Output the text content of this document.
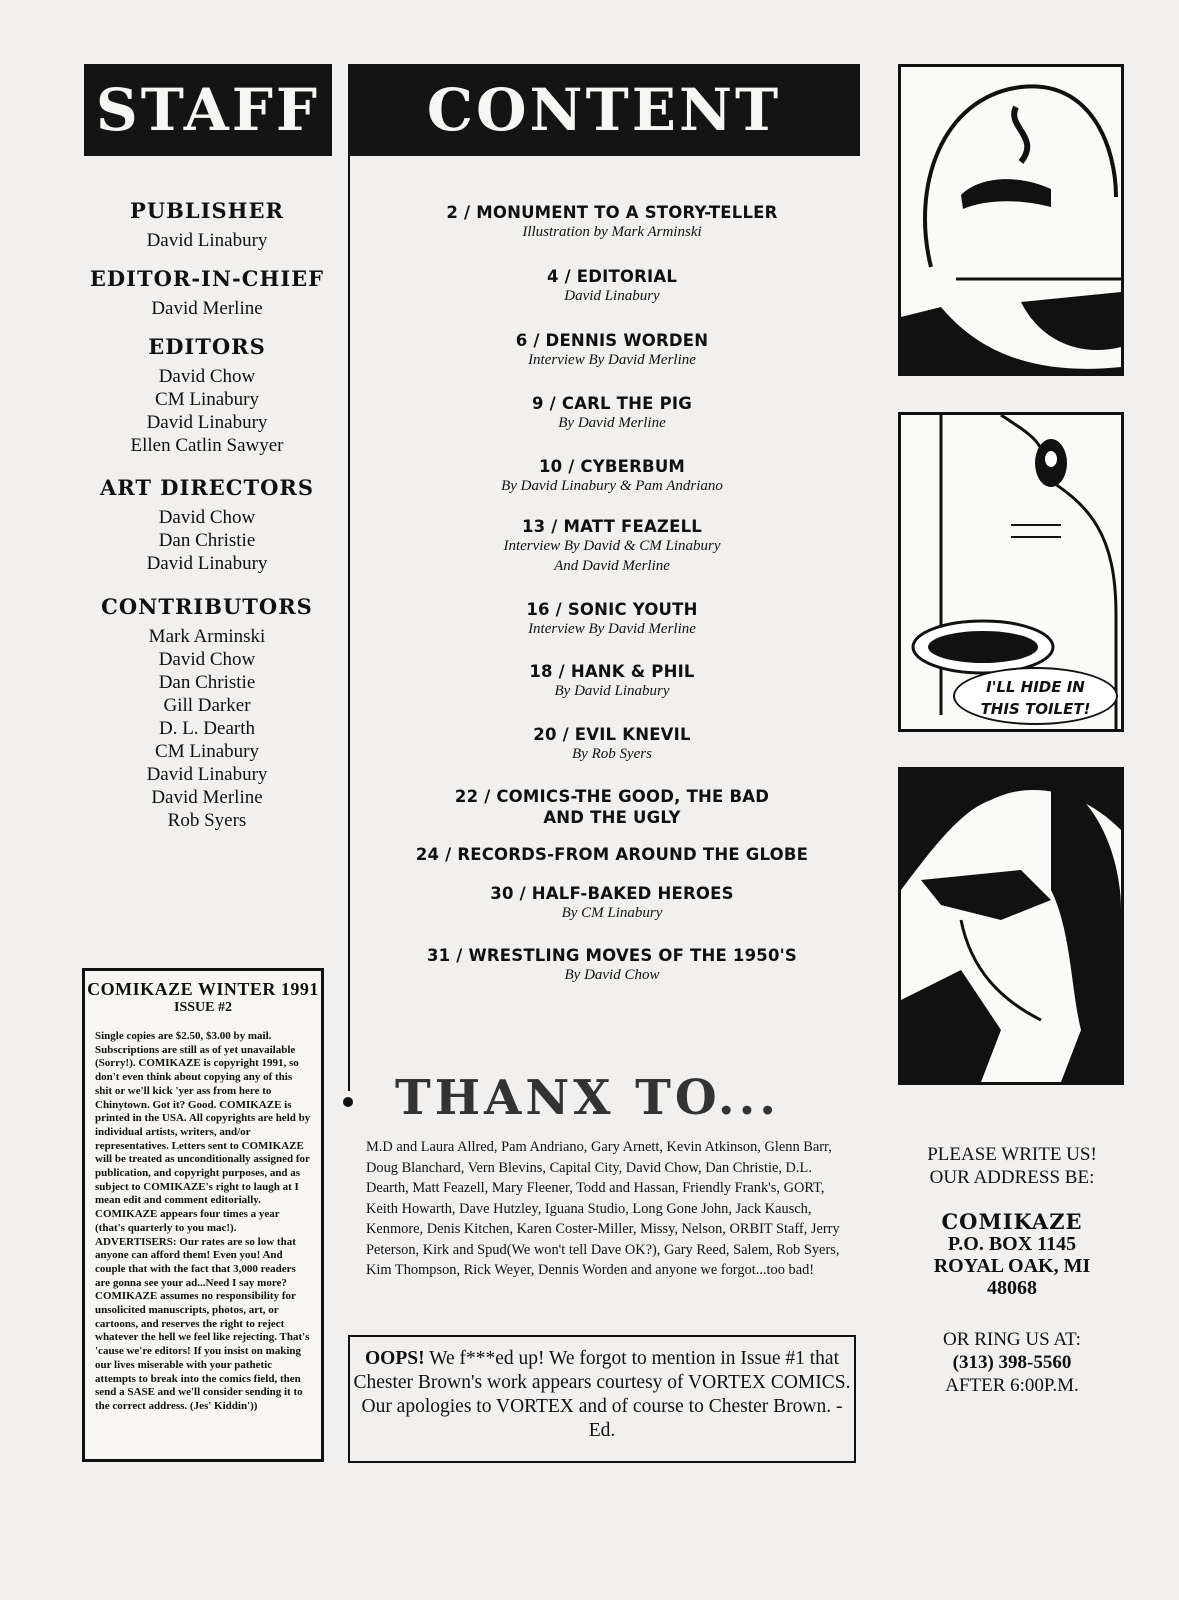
STAFF CONTENT
PUBLISHER
David Linabury
EDITOR-IN-CHIEF
David Merline
EDITORS
David Chow
CM Linabury
David Linabury
Ellen Catlin Sawyer
ART DIRECTORS
David Chow
Dan Christie
David Linabury
CONTRIBUTORS
Mark Arminski
David Chow
Dan Christie
Gill Darker
D. L. Dearth
CM Linabury
David Linabury
David Merline
Rob Syers
2 / MONUMENT TO A STORY-TELLER
Illustration by Mark Arminski
4 / EDITORIAL
David Linabury
6 / DENNIS WORDEN
Interview By David Merline
9 / CARL THE PIG
By David Merline
10 / CYBERBUM
By David Linabury & Pam Andriano
13 / MATT FEAZELL
Interview By David & CM Linabury
And David Merline
16 / SONIC YOUTH
Interview By David Merline
18 / HANK & PHIL
By David Linabury
20 / EVIL KNEVIL
By Rob Syers
22 / COMICS-THE GOOD, THE BAD
AND THE UGLY
24 / RECORDS-FROM AROUND THE GLOBE
30 / HALF-BAKED HEROES
By CM Linabury
31 / WRESTLING MOVES OF THE 1950'S
By David Chow
I'LL HIDE IN THIS TOILET!
COMIKAZE WINTER 1991
ISSUE #2
Single copies are $2.50, $3.00 by mail. Subscriptions are still as of yet unavailable (Sorry!). COMIKAZE is copyright 1991, so don't even think about copying any of this shit or we'll kick 'yer ass from here to Chinytown. Got it? Good. COMIKAZE is printed in the USA. All copyrights are held by individual artists, writers, and/or representatives. Letters sent to COMIKAZE will be treated as unconditionally assigned for publication, and copyright purposes, and as subject to COMIKAZE's right to laugh at I mean edit and comment editorially. COMIKAZE appears four times a year (that's quarterly to you mac!). ADVERTISERS: Our rates are so low that anyone can afford them! Even you! And couple that with the fact that 3,000 readers are gonna see your ad...Need I say more? COMIKAZE assumes no responsibility for unsolicited manuscripts, photos, art, or cartoons, and reserves the right to reject whatever the hell we feel like rejecting. That's 'cause we're editors! If you insist on making our lives miserable with your pathetic attempts to break into the comics field, then send a SASE and we'll consider sending it to the correct address. (Jes' Kiddin'))
THANX TO...
M.D and Laura Allred, Pam Andriano, Gary Arnett, Kevin Atkinson, Glenn Barr, Doug Blanchard, Vern Blevins, Capital City, David Chow, Dan Christie, D.L. Dearth, Matt Feazell, Mary Fleener, Todd and Hassan, Friendly Frank's, GORT, Keith Howarth, Dave Hutzley, Iguana Studio, Long Gone John, Jack Kausch, Kenmore, Denis Kitchen, Karen Coster-Miller, Missy, Nelson, ORBIT Staff, Jerry Peterson, Kirk and Spud(We won't tell Dave OK?), Gary Reed, Salem, Rob Syers, Kim Thompson, Rick Weyer, Dennis Worden and anyone we forgot...too bad!
OOPS! We f***ed up! We forgot to mention in Issue #1 that Chester Brown's work appears courtesy of VORTEX COMICS. Our apologies to VORTEX and of course to Chester Brown. -Ed.
PLEASE WRITE US!
OUR ADDRESS BE:
COMIKAZE
P.O. BOX 1145
ROYAL OAK, MI
48068
OR RING US AT:
(313) 398-5560
AFTER 6:00P.M.
